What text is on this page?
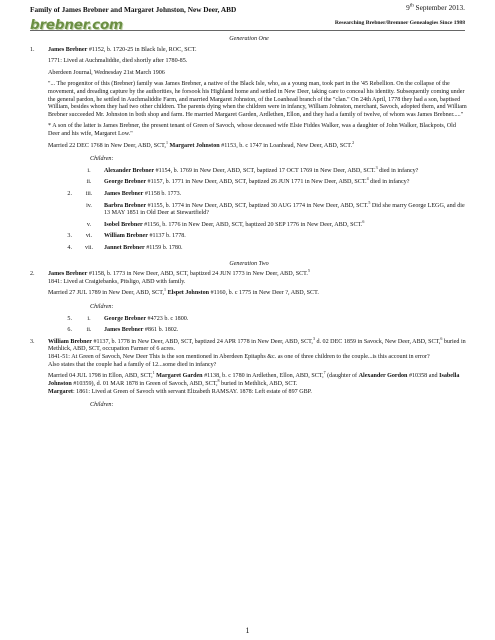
Family of James Brebner and Margaret Johnston, New Deer, ABD	9th September 2013.
brebner.com	Researching Brebner/Bremner Genealogies Since 1988
Generation One
1.	James Brebner #1152, b. 1720-25 in Black Isle, ROC, SCT.
1771: Lived at Auchmaliddie, died shortly after 1780-85.
Aberdeen Journal, Wednesday 21st March 1906
"... The progenitor of this (Brebner) family was James Brebner, a native of the Black Isle, who, as a young man, took part in the '45 Rebellion. On the collapse of the movement, and dreading capture by the authorities, he forsook his Highland home and settled in New Deer, taking care to conceal his identity. Subsequently coming under the general pardon, he settled in Auchmaliddie Farm, and married Margaret Johnston, of the Loanhead branch of the "clan." On 24th April, 1778 they had a son, baptised William, besides whom they had two other children. The parents dying when the children were in infancy, William Johnston, merchant, Savoch, adopted them, and William Brebner succeeded Mr. Johnston in both shop and farm. He married Margaret Garden, Ardlethen, Ellon, and they had a family of twelve, of whom was James Brebner....."
* A son of the latter is James Brebner, the present tenant of Green of Savoch, whose deceased wife Elsie Fiddes Walker, was a daughter of John Walker, Blackpots, Old Deer and his wife, Margaret Low."
Married 22 DEC 1768 in New Deer, ABD, SCT,$^1$ Margaret Johnston #1153, b. c 1747 in Loanhead, New Deer, ABD, SCT.$^2$
Children:
i.	Alexander Brebner #1154, b. 1769 in New Deer, ABD, SCT, baptized 17 OCT 1769 in New Deer, ABD, SCT.$^3$ died in infancy?
ii.	George Brebner #1157, b. 1771 in New Deer, ABD, SCT, baptized 26 JUN 1771 in New Deer, ABD, SCT.$^4$ died in infancy?
2.	iii.	James Brebner #1158 b. 1773.
iv.	Barbra Brebner #1155, b. 1774 in New Deer, ABD, SCT, baptized 30 AUG 1774 in New Deer, ABD, SCT.$^5$ Did she marry George LEGG, and die 13 MAY 1851 in Old Deer at Stewartfield?
v.	Isobel Brebner #1156, b. 1776 in New Deer, ABD, SCT, baptized 20 SEP 1776 in New Deer, ABD, SCT.$^6$
3.	vi.	William Brebner #1137 b. 1778.
4.	vii.	Jannet Brebner #1159 b. 1780.
Generation Two
2.	James Brebner #1158, b. 1773 in New Deer, ABD, SCT, baptized 24 JUN 1773 in New Deer, ABD, SCT.$^5$
1841: Lived at Craigiebanks, Pitsligo, ABD with family.
Married 27 JUL 1789 in New Deer, ABD, SCT,$^1$ Elspet Johnston #1160, b. c 1775 in New Deer ?, ABD, SCT.
Children:
5.	i.	George Brebner #4723 b. c 1800.
6.	ii.	James Brebner #861 b. 1802.
3.	William Brebner #1137, b. 1778 in New Deer, ABD, SCT, baptized 24 APR 1778 in New Deer, ABD, SCT,$^3$ d. 02 DEC 1859 in Savock, New Deer, ABD, SCT,$^6$ buried in Methlick, ABD, SCT, occupation Farmer of 6 acres.
1841-51: At Green of Savoch, New Deer This is the son mentioned in Aberdeen Epitaphs &c. as one of three children to the couple...is this account in error?
Also states that the couple had a family of 12...some died in infancy?
Married 04 JUL 1798 in Ellon, ABD, SCT,$^1$ Margaret Garden #1138, b. c 1780 in Ardlethen, Ellon, ABD, SCT,$^7$ (daughter of Alexander Gordon #10358 and Isabella Johnston #10359), d. 01 MAR 1878 in Green of Savoch, ABD, SCT,$^8$ buried in Methlick, ABD, SCT.
Margaret: 1861: Lived at Green of Savoch with servant Elizabeth RAMSAY. 1878: Left estate of 897 GBP.
Children:
1
